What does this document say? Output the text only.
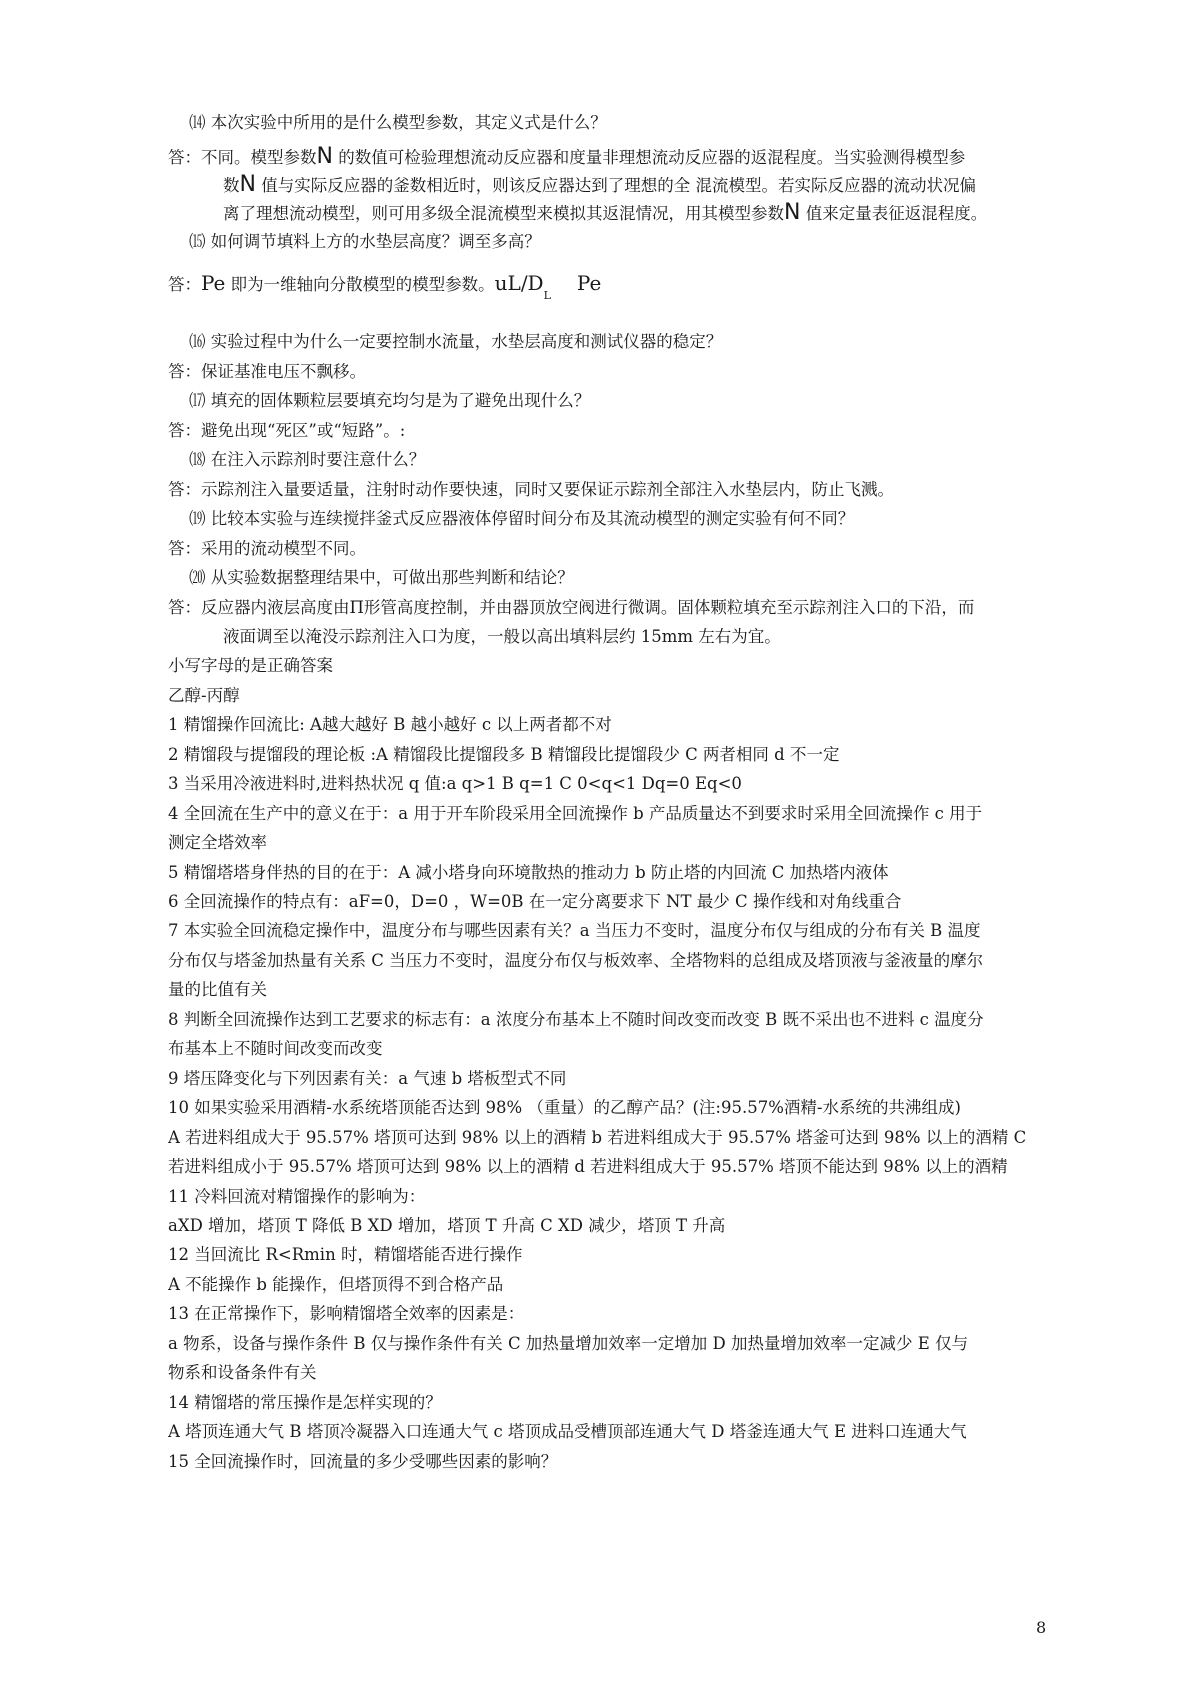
⒁ 本次实验中所用的是什么模型参数，其定义式是什么？
答：不同。模型参数N 的数值可检验理想流动反应器和度量非理想流动反应器的返混程度。当实验测得模型参
数N 值与实际反应器的釜数相近时，则该反应器达到了理想的全 混流模型。若实际反应器的流动状况偏
离了理想流动模型，则可用多级全混流模型来模拟其返混情况，用其模型参数N 值来定量表征返混程度。
⒂ 如何调节填料上方的水垫层高度？调至多高？
答：Pe 即为一维轴向分散模型的模型参数。$uL/D_LPe$
⒃ 实验过程中为什么一定要控制水流量，水垫层高度和测试仪器的稳定？
答：保证基准电压不飘移。
⒄ 填充的固体颗粒层要填充均匀是为了避免出现什么？
答：避免出现“死区”或“短路”。:
⒅ 在注入示踪剂时要注意什么？
答：示踪剂注入量要适量，注射时动作要快速，同时又要保证示踪剂全部注入水垫层内，防止飞溅。
⒆ 比较本实验与连续搅拌釜式反应器液体停留时间分布及其流动模型的测定实验有何不同？
答：采用的流动模型不同。
⒇ 从实验数据整理结果中，可做出那些判断和结论？
答：反应器内液层高度由Π形管高度控制，并由器顶放空阀进行微调。固体颗粒填充至示踪剂注入口的下沿，而
液面调至以淹没示踪剂注入口为度，一般以高出填料层约 15mm 左右为宜。
小写字母的是正确答案
乙醇-丙醇
1 精馏操作回流比: A越大越好 B 越小越好 c 以上两者都不对
2 精馏段与提馏段的理论板 :A 精馏段比提馏段多 B 精馏段比提馏段少 C 两者相同 d 不一定
3 当采用冷液进料时,进料热状况 q 值:a q>1 B q=1 C 0<q<1 Dq=0 Eq<0
4 全回流在生产中的意义在于：a 用于开车阶段采用全回流操作 b 产品质量达不到要求时采用全回流操作 c 用于
测定全塔效率
5 精馏塔塔身伴热的目的在于：A 减小塔身向环境散热的推动力 b 防止塔的内回流 C 加热塔内液体
6 全回流操作的特点有：aF=0，D=0 ，W=0B 在一定分离要求下 NT 最少 C 操作线和对角线重合
7 本实验全回流稳定操作中，温度分布与哪些因素有关？a 当压力不变时，温度分布仅与组成的分布有关 B 温度
分布仅与塔釜加热量有关系 C 当压力不变时，温度分布仅与板效率、全塔物料的总组成及塔顶液与釜液量的摩尔
量的比值有关
8 判断全回流操作达到工艺要求的标志有：a 浓度分布基本上不随时间改变而改变 B 既不采出也不进料 c 温度分
布基本上不随时间改变而改变
9 塔压降变化与下列因素有关：a 气速 b 塔板型式不同
10 如果实验采用酒精-水系统塔顶能否达到 98% （重量）的乙醇产品？(注:95.57%酒精-水系统的共沸组成)
A 若进料组成大于 95.57% 塔顶可达到 98% 以上的酒精 b 若进料组成大于 95.57% 塔釜可达到 98% 以上的酒精 C
若进料组成小于 95.57% 塔顶可达到 98% 以上的酒精 d 若进料组成大于 95.57% 塔顶不能达到 98% 以上的酒精
11 冷料回流对精馏操作的影响为：
aXD 增加，塔顶 T 降低 B XD 增加，塔顶 T 升高 C XD 减少，塔顶 T 升高
12 当回流比 R<Rmin 时，精馏塔能否进行操作
A 不能操作 b 能操作，但塔顶得不到合格产品
13 在正常操作下，影响精馏塔全效率的因素是：
a 物系，设备与操作条件 B 仅与操作条件有关 C 加热量增加效率一定增加 D 加热量增加效率一定减少 E 仅与
物系和设备条件有关
14 精馏塔的常压操作是怎样实现的？
A 塔顶连通大气 B 塔顶冷凝器入口连通大气 c 塔顶成品受槽顶部连通大气 D 塔釜连通大气 E 进料口连通大气
15 全回流操作时，回流量的多少受哪些因素的影响？
8
